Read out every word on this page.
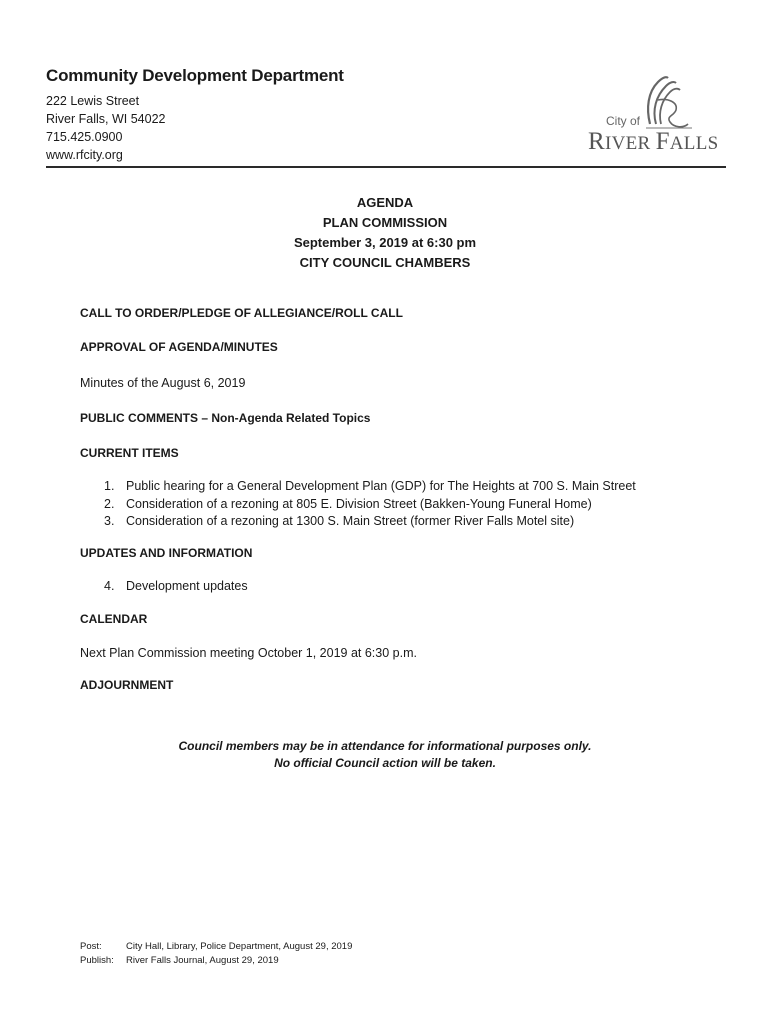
Community Development Department
222 Lewis Street
River Falls, WI 54022
715.425.0900
www.rfcity.org
City of
RIVER FALLS
AGENDA
PLAN COMMISSION
September 3, 2019 at 6:30 pm
CITY COUNCIL CHAMBERS
CALL TO ORDER/PLEDGE OF ALLEGIANCE/ROLL CALL
APPROVAL OF AGENDA/MINUTES
Minutes of the August 6, 2019
PUBLIC COMMENTS – Non-Agenda Related Topics
CURRENT ITEMS
1. Public hearing for a General Development Plan (GDP) for The Heights at 700 S. Main Street
2. Consideration of a rezoning at 805 E. Division Street (Bakken-Young Funeral Home)
3. Consideration of a rezoning at 1300 S. Main Street (former River Falls Motel site)
UPDATES AND INFORMATION
4. Development updates
CALENDAR
Next Plan Commission meeting October 1, 2019 at 6:30 p.m.
ADJOURNMENT
Council members may be in attendance for informational purposes only.
No official Council action will be taken.
Post:	City Hall, Library, Police Department, August 29, 2019
Publish: River Falls Journal, August 29, 2019
